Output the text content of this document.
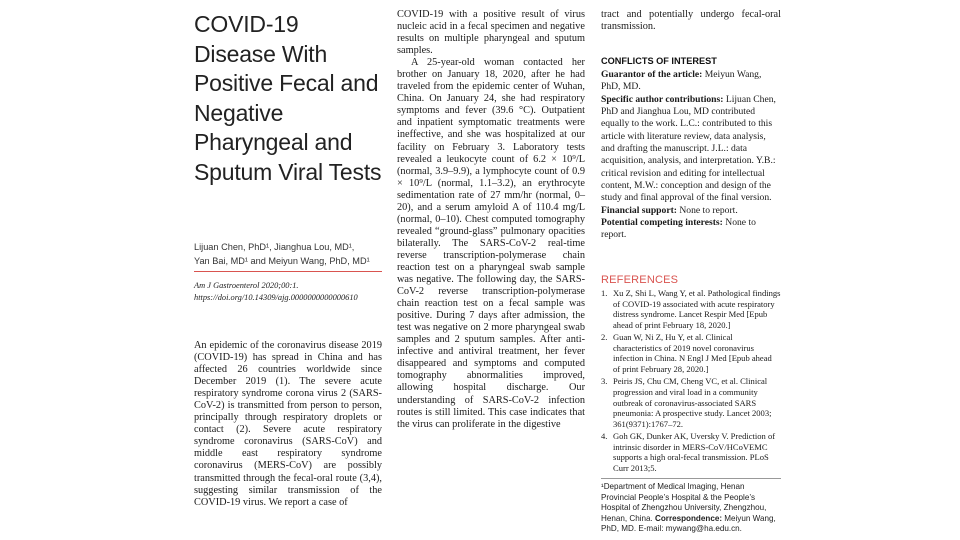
COVID-19 Disease With Positive Fecal and Negative Pharyngeal and Sputum Viral Tests
Lijuan Chen, PhD¹, Jianghua Lou, MD¹,
Yan Bai, MD¹ and Meiyun Wang, PhD, MD¹
Am J Gastroenterol 2020;00:1. https://doi.org/10.14309/ajg.0000000000000610

An epidemic of the coronavirus disease 2019 (COVID-19) has spread in China and has affected 26 countries worldwide since December 2019 (1). The severe acute respiratory syndrome corona virus 2 (SARS-CoV-2) is transmitted from person to person, principally through respiratory droplets or contact (2). Severe acute respiratory syndrome coronavirus (SARS-CoV) and middle east respiratory syndrome coronavirus (MERS-CoV) are possibly transmitted through the fecal-oral route (3,4), suggesting similar transmission of the COVID-19 virus. We report a case of

COVID-19 with a positive result of virus nucleic acid in a fecal specimen and negative results on multiple pharyngeal and sputum samples.

A 25-year-old woman contacted her brother on January 18, 2020, after he had traveled from the epidemic center of Wuhan, China. On January 24, she had respiratory symptoms and fever (39.6 °C). Outpatient and inpatient symptomatic treatments were ineffective, and she was hospitalized at our facility on February 3. Laboratory tests revealed a leukocyte count of 6.2 × 10⁹/L (normal, 3.9–9.9), a lymphocyte count of 0.9 × 10⁹/L (normal, 1.1–3.2), an erythrocyte sedimentation rate of 27 mm/hr (normal, 0–20), and a serum amyloid A of 110.4 mg/L (normal, 0–10). Chest computed tomography revealed “ground-glass” pulmonary opacities bilaterally. The SARS-CoV-2 real-time reverse transcription-polymerase chain reaction test on a pharyngeal swab sample was negative. The following day, the SARS-CoV-2 reverse transcription-polymerase chain reaction test on a fecal sample was positive. During 7 days after admission, the test was negative on 2 more pharyngeal swab samples and 2 sputum samples. After anti-infective and antiviral treatment, her fever disappeared and symptoms and computed tomography abnormalities improved, allowing hospital discharge. Our understanding of SARS-CoV-2 infection routes is still limited. This case indicates that the virus can proliferate in the digestive

tract and potentially undergo fecal-oral transmission.
CONFLICTS OF INTEREST
Guarantor of the article: Meiyun Wang, PhD, MD.
Specific author contributions: Lijuan Chen, PhD and Jianghua Lou, MD contributed equally to the work. L.C.: contributed to this article with literature review, data analysis, and drafting the manuscript. J.L.: data acquisition, analysis, and interpretation. Y.B.: critical revision and editing for intellectual content, M.W.: conception and design of the study and final approval of the final version.
Financial support: None to report.
Potential competing interests: None to report.
REFERENCES
1. Xu Z, Shi L, Wang Y, et al. Pathological findings of COVID-19 associated with acute respiratory distress syndrome. Lancet Respir Med [Epub ahead of print February 18, 2020.]
2. Guan W, Ni Z, Hu Y, et al. Clinical characteristics of 2019 novel coronavirus infection in China. N Engl J Med [Epub ahead of print February 28, 2020.]
3. Peiris JS, Chu CM, Cheng VC, et al. Clinical progression and viral load in a community outbreak of coronavirus-associated SARS pneumonia: A prospective study. Lancet 2003; 361(9371):1767–72.
4. Goh GK, Dunker AK, Uversky V. Prediction of intrinsic disorder in MERS-CoV/HCoVEMC supports a high oral-fecal transmission. PLoS Curr 2013;5.
¹Department of Medical Imaging, Henan Provincial People’s Hospital & the People’s Hospital of Zhengzhou University, Zhengzhou, Henan, China. Correspondence: Meiyun Wang, PhD, MD. E-mail: mywang@ha.edu.cn.
